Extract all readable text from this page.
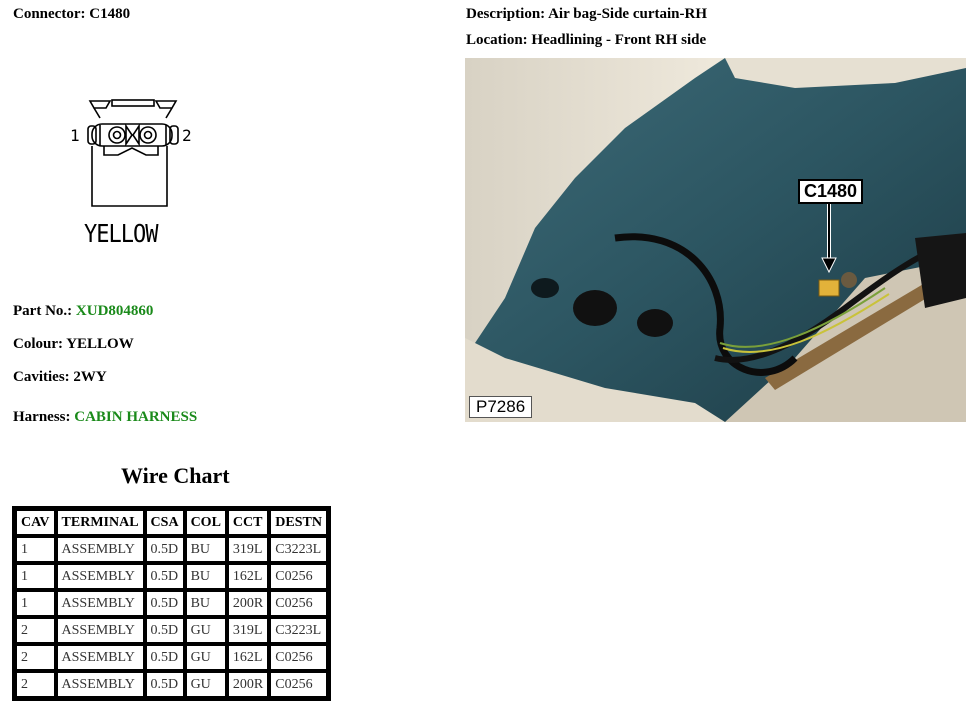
Connector: C1480	Description: Air bag-Side curtain-RH
Location: Headlining - Front RH side
1	2
YELLOW
Part No.: XUD804860
Colour: YELLOW
Cavities: 2WY
Harness: CABIN HARNESS
C1480
P7286
Wire Chart
CAV	TERMINAL	CSA	COL	CCT	DESTN
1	ASSEMBLY	0.5D	BU	319L	C3223L
1	ASSEMBLY	0.5D	BU	162L	C0256
1	ASSEMBLY	0.5D	BU	200R	C0256
2	ASSEMBLY	0.5D	GU	319L	C3223L
2	ASSEMBLY	0.5D	GU	162L	C0256
2	ASSEMBLY	0.5D	GU	200R	C0256
